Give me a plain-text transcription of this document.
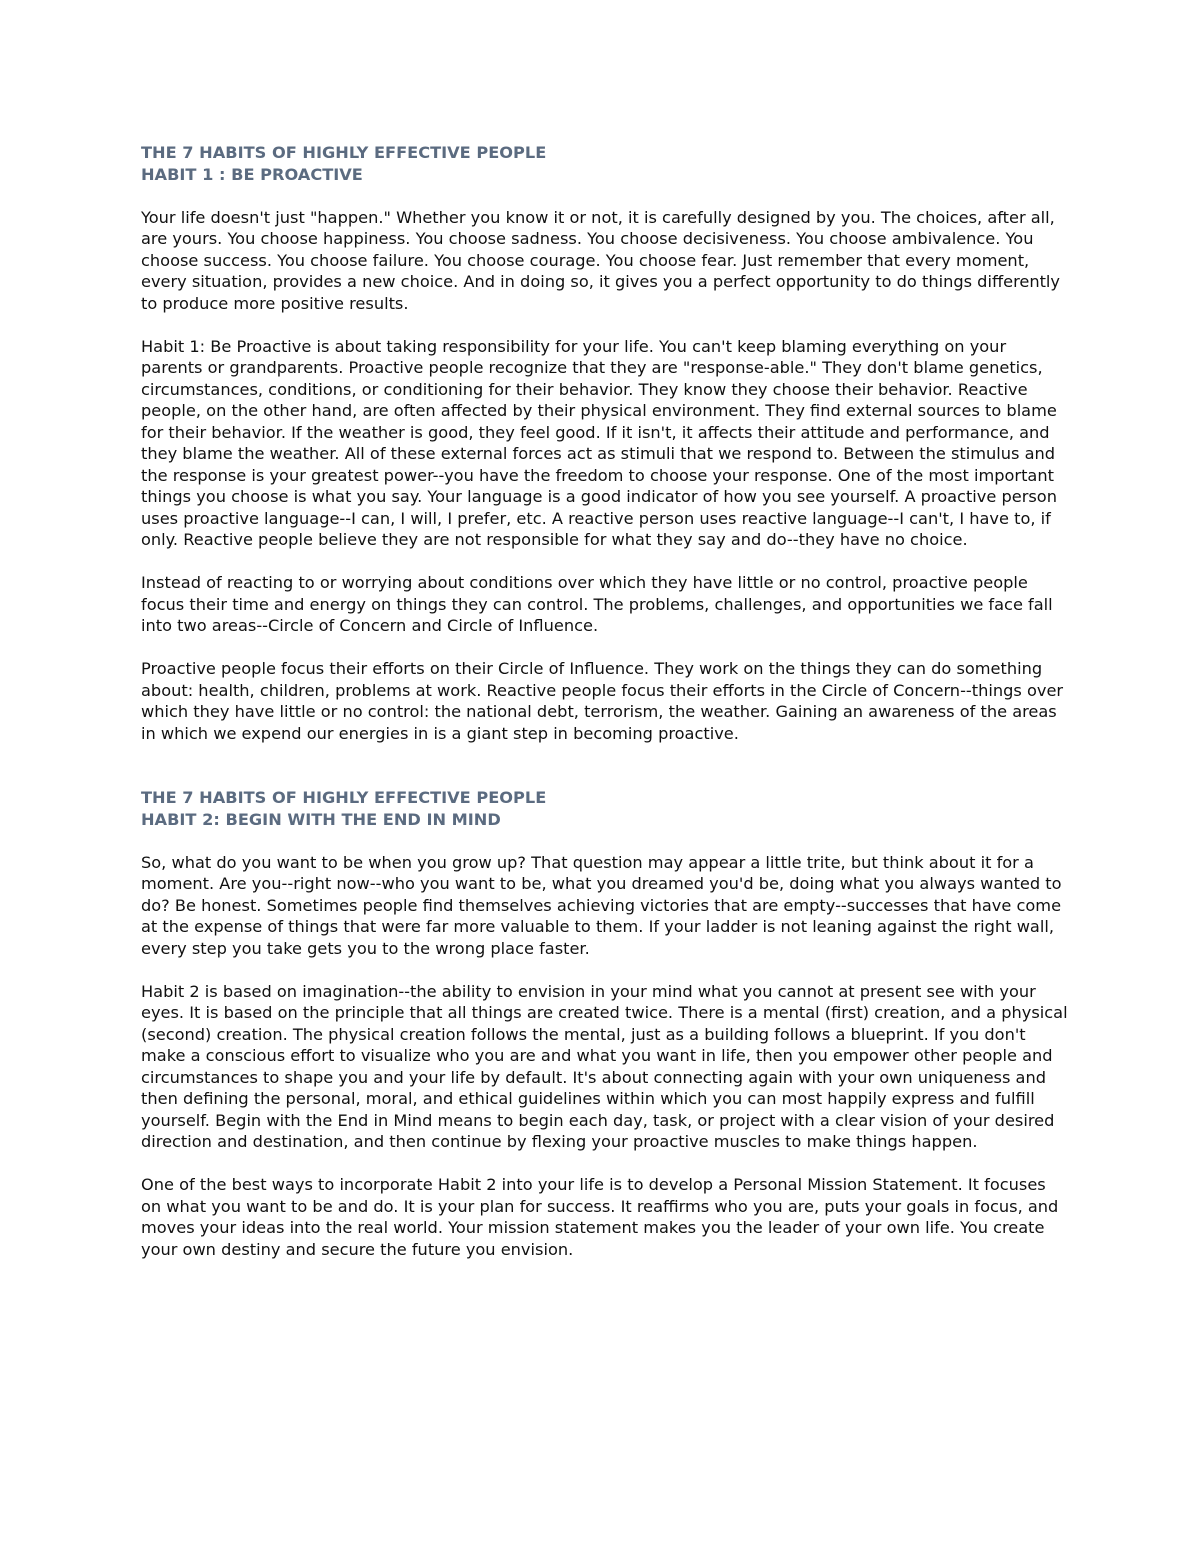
THE 7 HABITS OF HIGHLY EFFECTIVE PEOPLE
HABIT 1 : BE PROACTIVE

Your life doesn't just "happen." Whether you know it or not, it is carefully designed by you. The choices, after all, are yours. You choose happiness. You choose sadness. You choose decisiveness. You choose ambivalence. You choose success. You choose failure. You choose courage. You choose fear. Just remember that every moment, every situation, provides a new choice. And in doing so, it gives you a perfect opportunity to do things differently to produce more positive results.

Habit 1: Be Proactive is about taking responsibility for your life. You can't keep blaming everything on your parents or grandparents. Proactive people recognize that they are "response-able." They don't blame genetics, circumstances, conditions, or conditioning for their behavior. They know they choose their behavior. Reactive people, on the other hand, are often affected by their physical environment. They find external sources to blame for their behavior. If the weather is good, they feel good. If it isn't, it affects their attitude and performance, and they blame the weather. All of these external forces act as stimuli that we respond to. Between the stimulus and the response is your greatest power--you have the freedom to choose your response. One of the most important things you choose is what you say. Your language is a good indicator of how you see yourself. A proactive person uses proactive language--I can, I will, I prefer, etc. A reactive person uses reactive language--I can't, I have to, if only. Reactive people believe they are not responsible for what they say and do--they have no choice.

Instead of reacting to or worrying about conditions over which they have little or no control, proactive people focus their time and energy on things they can control. The problems, challenges, and opportunities we face fall into two areas--Circle of Concern and Circle of Influence.

Proactive people focus their efforts on their Circle of Influence. They work on the things they can do something about: health, children, problems at work. Reactive people focus their efforts in the Circle of Concern--things over which they have little or no control: the national debt, terrorism, the weather. Gaining an awareness of the areas in which we expend our energies in is a giant step in becoming proactive.

THE 7 HABITS OF HIGHLY EFFECTIVE PEOPLE
HABIT 2: BEGIN WITH THE END IN MIND

So, what do you want to be when you grow up? That question may appear a little trite, but think about it for a moment. Are you--right now--who you want to be, what you dreamed you'd be, doing what you always wanted to do? Be honest. Sometimes people find themselves achieving victories that are empty--successes that have come at the expense of things that were far more valuable to them. If your ladder is not leaning against the right wall, every step you take gets you to the wrong place faster.

Habit 2 is based on imagination--the ability to envision in your mind what you cannot at present see with your eyes. It is based on the principle that all things are created twice. There is a mental (first) creation, and a physical (second) creation. The physical creation follows the mental, just as a building follows a blueprint. If you don't make a conscious effort to visualize who you are and what you want in life, then you empower other people and circumstances to shape you and your life by default. It's about connecting again with your own uniqueness and then defining the personal, moral, and ethical guidelines within which you can most happily express and fulfill yourself. Begin with the End in Mind means to begin each day, task, or project with a clear vision of your desired direction and destination, and then continue by flexing your proactive muscles to make things happen.

One of the best ways to incorporate Habit 2 into your life is to develop a Personal Mission Statement. It focuses on what you want to be and do. It is your plan for success. It reaffirms who you are, puts your goals in focus, and moves your ideas into the real world. Your mission statement makes you the leader of your own life. You create your own destiny and secure the future you envision.
